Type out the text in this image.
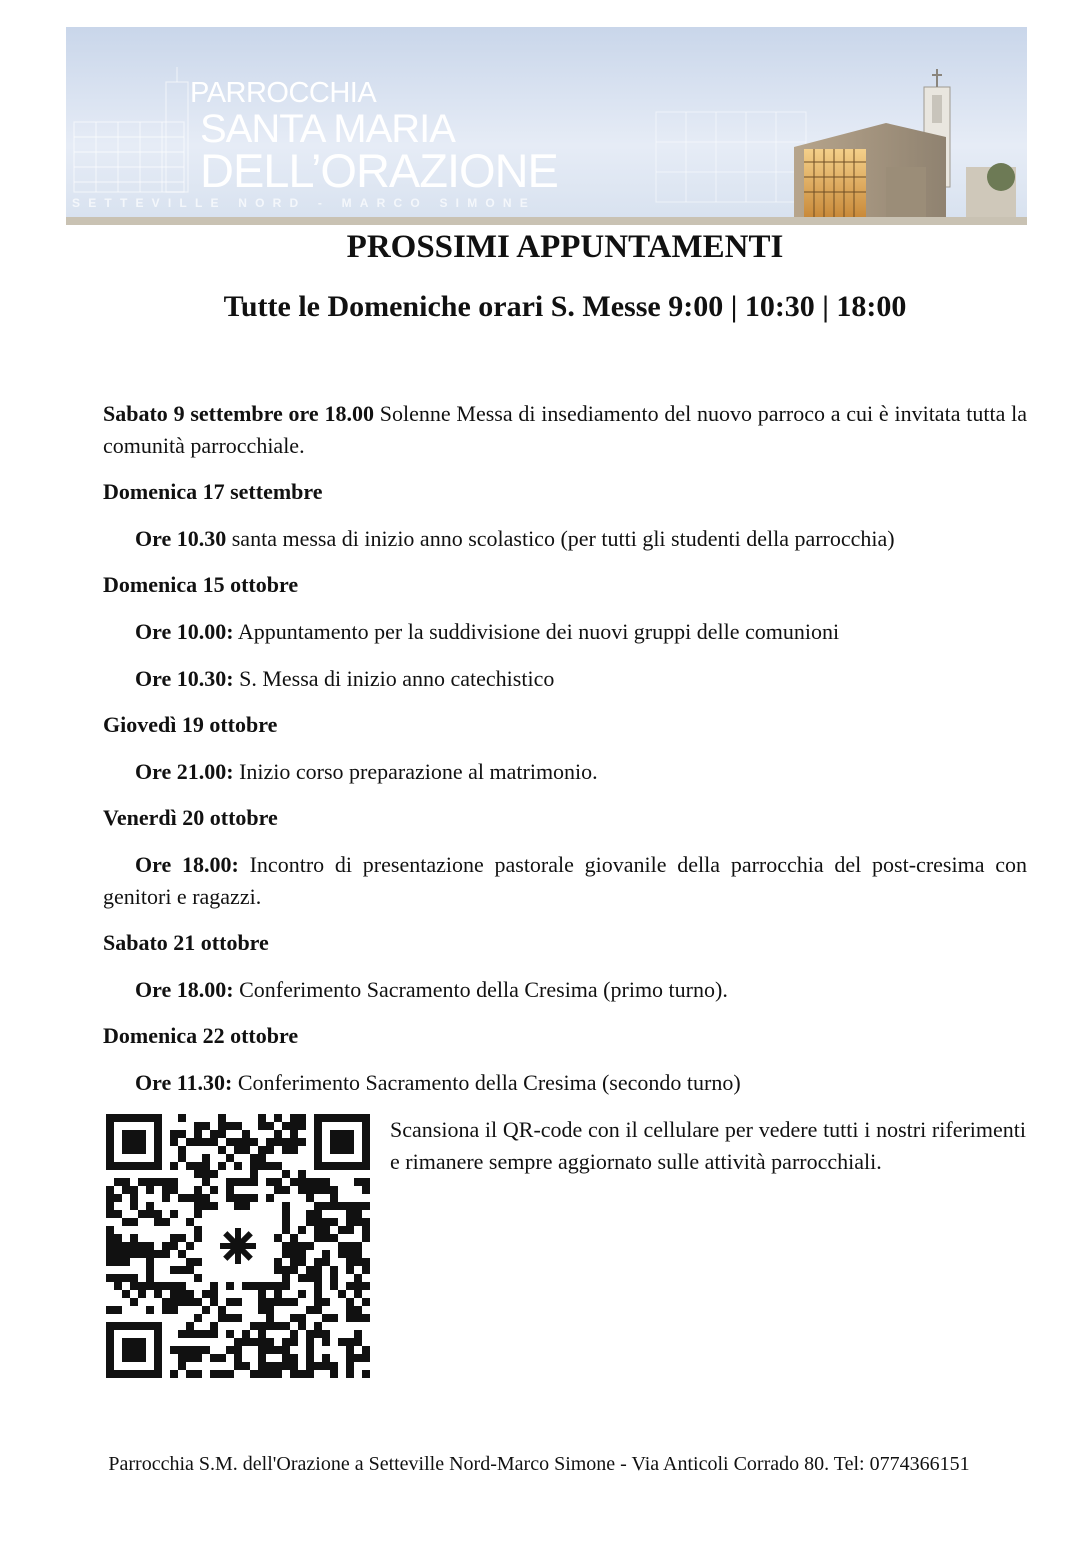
PARROCCHIA
SANTA MARIA
DELL’ORAZIONE
SETTEVILLE NORD - MARCO SIMONE
PROSSIMI APPUNTAMENTI
Tutte le Domeniche orari S. Messe 9:00 | 10:30 | 18:00

Sabato 9 settembre ore 18.00 Solenne Messa di insediamento del nuovo parroco a cui è invitata tutta la comunità parrocchiale.

Domenica 17 settembre

Ore 10.30 santa messa di inizio anno scolastico (per tutti gli studenti della parrocchia)

Domenica 15 ottobre

Ore 10.00: Appuntamento per la suddivisione dei nuovi gruppi delle comunioni

Ore 10.30: S. Messa di inizio anno catechistico

Giovedì 19 ottobre

Ore 21.00: Inizio corso preparazione al matrimonio.

Venerdì 20 ottobre

Ore 18.00: Incontro di presentazione pastorale giovanile della parrocchia del post-cresima con genitori e ragazzi.

Sabato 21 ottobre

Ore 18.00: Conferimento Sacramento della Cresima (primo turno).

Domenica 22 ottobre

Ore 11.30: Conferimento Sacramento della Cresima (secondo turno)

Scansiona il QR-code con il cellulare per vedere tutti i nostri riferimenti e rimanere sempre aggiornato sulle attività parrocchiali.

Parrocchia S.M. dell'Orazione a Setteville Nord-Marco Simone - Via Anticoli Corrado 80. Tel: 0774366151
